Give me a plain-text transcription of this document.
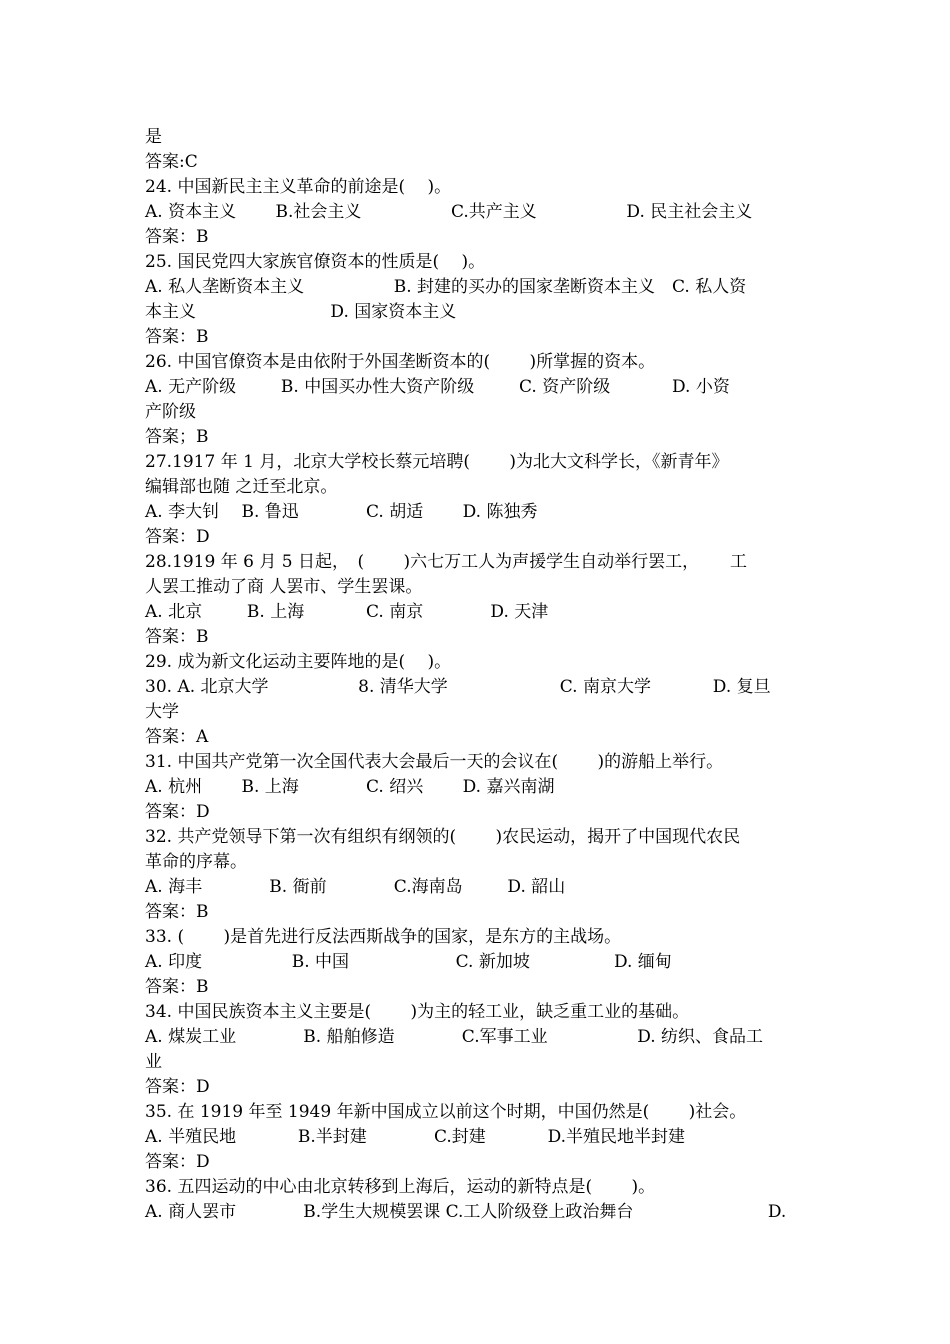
是
答案:C
24. 中国新民主主义革命的前途是(　 )。
A. 资本主义　 　B.社会主义　 　 　 　 C.共产主义　 　 　 　 D. 民主社会主义
答案：B
25. 国民党四大家族官僚资本的性质是(　 )。
A. 私人垄断资本主义　 　 　 　 B. 封建的买办的国家垄断资本主义　C. 私人资
本主义　 　 　 　 　 　 D. 国家资本主义
答案：B
26. 中国官僚资本是由依附于外国垄断资本的(　 　)所掌握的资本。
A. 无产阶级　 　 B. 中国买办性大资产阶级　 　 C. 资产阶级　 　 　D. 小资
产阶级
答案；B
27.1917 年 1 月，北京大学校长蔡元培聘(　 　)为北大文科学长，《新青年》
编辑部也随 之迁至北京。
A. 李大钊　 B. 鲁迅　 　 　 C. 胡适　 　D. 陈独秀
答案：D
28.1919 年 6 月 5 日起，　(　 　)六七万工人为声援学生自动举行罢工，　 　工
人罢工推动了商 人罢市、学生罢课。
A. 北京　 　 B. 上海　 　 　C. 南京　 　 　 D. 天津
答案：B
29. 成为新文化运动主要阵地的是(　 )。
30. A. 北京大学　 　 　 　 8. 清华大学　 　 　 　 　 C. 南京大学　 　 　D. 复旦
大学
答案：A
31. 中国共产党第一次全国代表大会最后一天的会议在(　 　)的游船上举行。
A. 杭州　 　B. 上海　 　 　 C. 绍兴　 　D. 嘉兴南湖
答案：D
32. 共产党领导下第一次有组织有纲领的(　 　)农民运动，揭开了中国现代农民
革命的序幕。
A. 海丰　 　 　 B. 衙前　 　 　 C.海南岛　 　 D. 韶山
答案：B
33. (　 　)是首先进行反法西斯战争的国家，是东方的主战场。
A. 印度　 　 　 　 B. 中国　 　 　 　 　C. 新加坡　 　 　 　D. 缅甸
答案：B
34. 中国民族资本主义主要是(　 　)为主的轻工业，缺乏重工业的基础。
A. 煤炭工业　 　 　 B. 船舶修造　 　 　 C.军事工业　 　 　 　 D. 纺织、食品工
业
答案：D
35. 在 1919 年至 1949 年新中国成立以前这个时期，中国仍然是(　 　)社会。
A. 半殖民地　 　 　B.半封建　 　 　 C.封建　 　 　D.半殖民地半封建
答案：D
36. 五四运动的中心由北京转移到上海后，运动的新特点是(　 　)。
A. 商人罢市　 　 　 B.学生大规模罢课 C.工人阶级登上政治舞台　 　 　 　 　 　 D.
